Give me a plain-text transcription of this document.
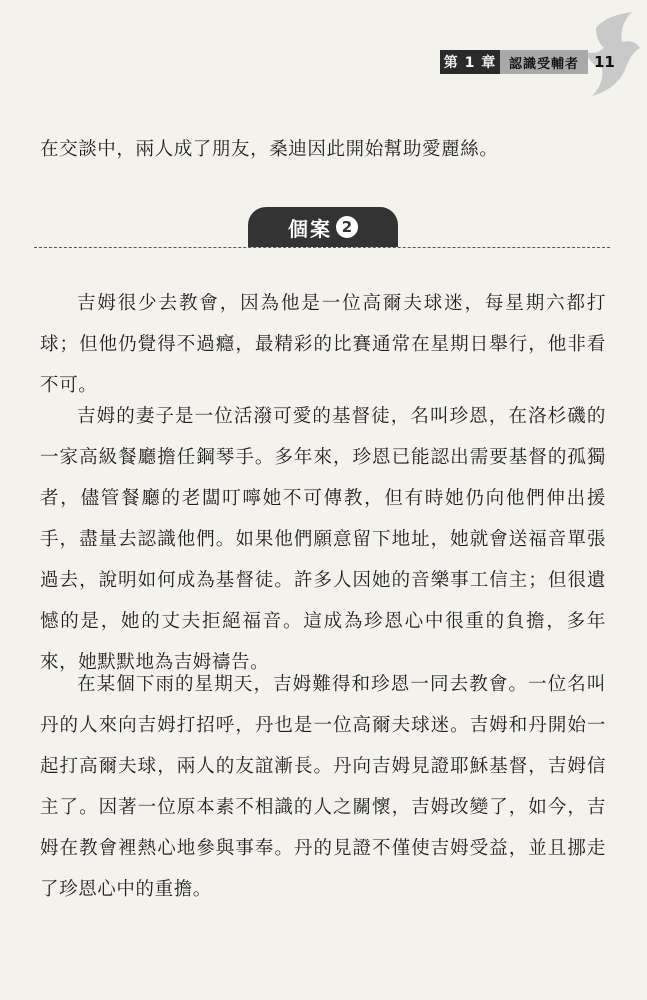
第 1 章 認識受輔者	11

在交談中，兩人成了朋友，桑迪因此開始幫助愛麗絲。

個案 2

吉姆很少去教會，因為他是一位高爾夫球迷，每星期六都打球；但他仍覺得不過癮，最精彩的比賽通常在星期日舉行，他非看不可。

吉姆的妻子是一位活潑可愛的基督徒，名叫珍恩，在洛杉磯的一家高級餐廳擔任鋼琴手。多年來，珍恩已能認出需要基督的孤獨者，儘管餐廳的老闆叮嚀她不可傳教，但有時她仍向他們伸出援手，盡量去認識他們。如果他們願意留下地址，她就會送福音單張過去，說明如何成為基督徒。許多人因她的音樂事工信主；但很遺憾的是，她的丈夫拒絕福音。這成為珍恩心中很重的負擔，多年來，她默默地為吉姆禱告。

在某個下雨的星期天，吉姆難得和珍恩一同去教會。一位名叫丹的人來向吉姆打招呼，丹也是一位高爾夫球迷。吉姆和丹開始一起打高爾夫球，兩人的友誼漸長。丹向吉姆見證耶穌基督，吉姆信主了。因著一位原本素不相識的人之關懷，吉姆改變了，如今，吉姆在教會裡熱心地參與事奉。丹的見證不僅使吉姆受益，並且挪走了珍恩心中的重擔。
